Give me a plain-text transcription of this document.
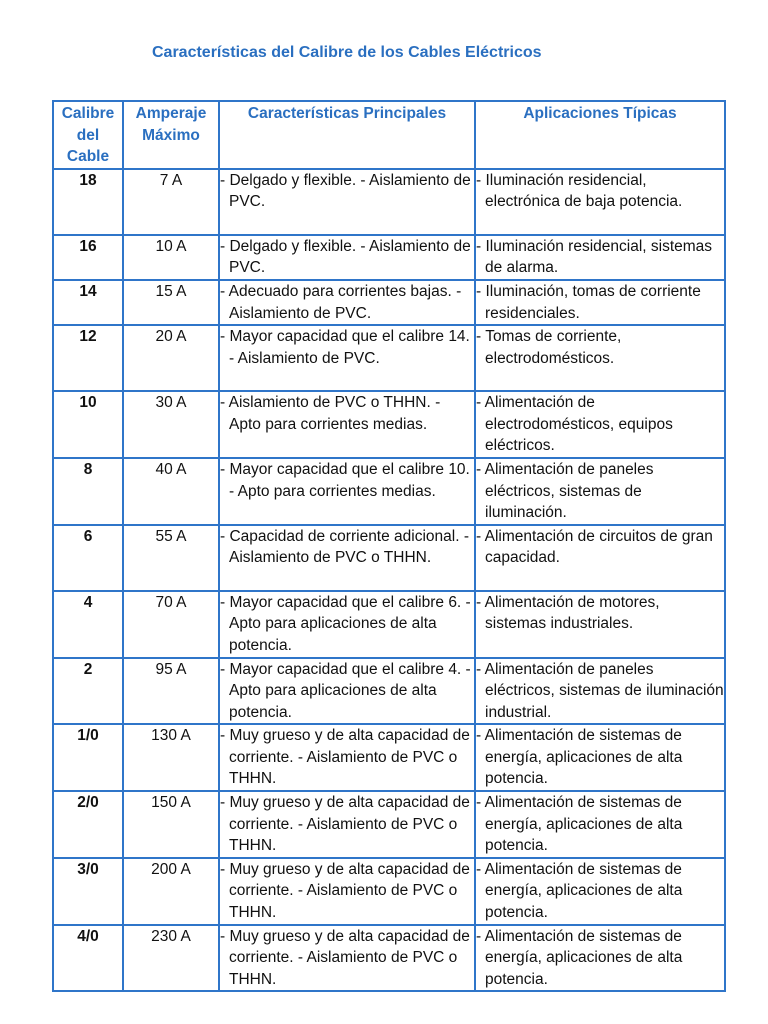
Características del Calibre de los Cables Eléctricos
Calibre del Cable	Amperaje Máximo	Características Principales	Aplicaciones Típicas
18	7 A	- Delgado y flexible. - Aislamiento de PVC.	- Iluminación residencial, electrónica de baja potencia.

16	10 A	- Delgado y flexible. - Aislamiento de PVC.	- Iluminación residencial, sistemas de alarma.

14	15 A	- Adecuado para corrientes bajas. - Aislamiento de PVC.	- Iluminación, tomas de corriente residenciales.

12	20 A	- Mayor capacidad que el calibre 14. - Aislamiento de PVC.	- Tomas de corriente, electrodomésticos.

10	30 A	- Aislamiento de PVC o THHN. - Apto para corrientes medias.	- Alimentación de electrodomésticos, equipos eléctricos.

8	40 A	- Mayor capacidad que el calibre 10. - Apto para corrientes medias.	- Alimentación de paneles eléctricos, sistemas de iluminación.

6	55 A	- Capacidad de corriente adicional. - Aislamiento de PVC o THHN.	- Alimentación de circuitos de gran capacidad.

4	70 A	- Mayor capacidad que el calibre 6. - Apto para aplicaciones de alta potencia.	- Alimentación de motores, sistemas industriales.

2	95 A	- Mayor capacidad que el calibre 4. - Apto para aplicaciones de alta potencia.	- Alimentación de paneles eléctricos, sistemas de iluminación industrial.

1/0	130 A	- Muy grueso y de alta capacidad de corriente. - Aislamiento de PVC o THHN.	- Alimentación de sistemas de energía, aplicaciones de alta potencia.

2/0	150 A	- Muy grueso y de alta capacidad de corriente. - Aislamiento de PVC o THHN.	- Alimentación de sistemas de energía, aplicaciones de alta potencia.

3/0	200 A	- Muy grueso y de alta capacidad de corriente. - Aislamiento de PVC o THHN.	- Alimentación de sistemas de energía, aplicaciones de alta potencia.

4/0	230 A	- Muy grueso y de alta capacidad de corriente. - Aislamiento de PVC o THHN.	- Alimentación de sistemas de energía, aplicaciones de alta potencia.
